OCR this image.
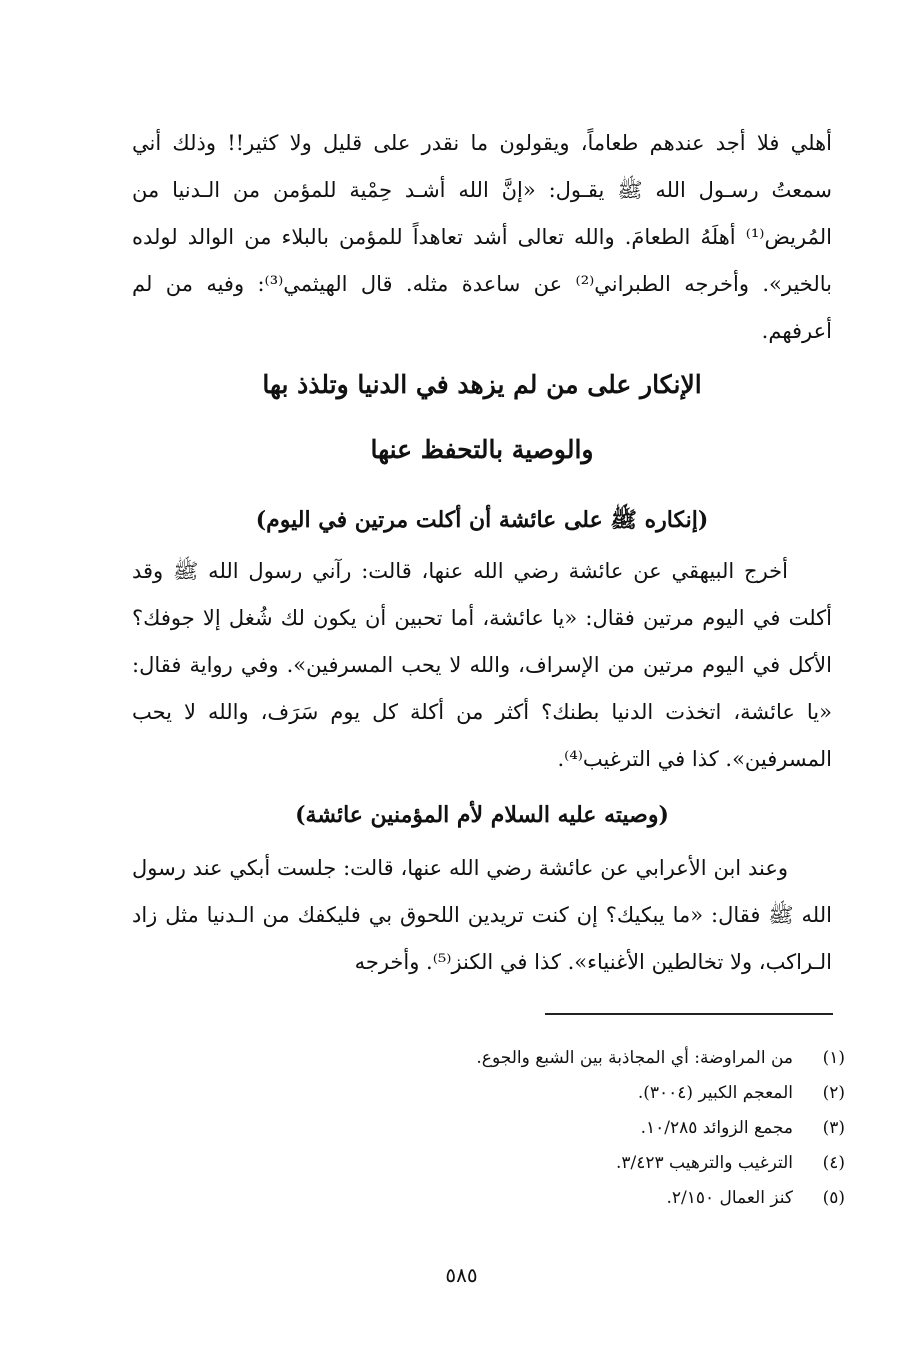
أهلي فلا أجد عندهم طعاماً، ويقولون ما نقدر على قليل ولا كثير!! وذلك أني سمعتُ رسـول الله ﷺ يقـول: «إنَّ الله أشـد حِمْية للمؤمن من الـدنيا من المُريض⁽¹⁾ أهلَهُ الطعامَ. والله تعالى أشد تعاهداً للمؤمن بالبلاء من الوالد لولده بالخير». وأخرجه الطبراني⁽²⁾ عن ساعدة مثله. قال الهيثمي⁽³⁾: وفيه من لم أعرفهم.
الإنكار على من لم يزهد في الدنيا وتلذذ بها
والوصية بالتحفظ عنها
(إنكاره ﷺ على عائشة أن أكلت مرتين في اليوم)
أخرج البيهقي عن عائشة رضي الله عنها، قالت: رآني رسول الله ﷺ وقد أكلت في اليوم مرتين فقال: «يا عائشة، أما تحبين أن يكون لك شُغل إلا جوفك؟ الأكل في اليوم مرتين من الإسراف، والله لا يحب المسرفين». وفي رواية فقال: «يا عائشة، اتخذت الدنيا بطنك؟ أكثر من أكلة كل يوم سَرَف، والله لا يحب المسرفين». كذا في الترغيب⁽⁴⁾.
(وصيته عليه السلام لأم المؤمنين عائشة)
وعند ابن الأعرابي عن عائشة رضي الله عنها، قالت: جلست أبكي عند رسول الله ﷺ فقال: «ما يبكيك؟ إن كنت تريدين اللحوق بي فليكفك من الـدنيا مثل زاد الـراكب، ولا تخالطين الأغنياء». كذا في الكنز⁽⁵⁾. وأخرجه
(١)
من المراوضة: أي المجاذبة بين الشبع والجوع.
(٢)
المعجم الكبير (٣٠٠٤).
(٣)
مجمع الزوائد ١٠/٢٨٥.
(٤)
الترغيب والترهيب ٣/٤٢٣.
(٥)
كنز العمال ٢/١٥٠.
٥٨٥
